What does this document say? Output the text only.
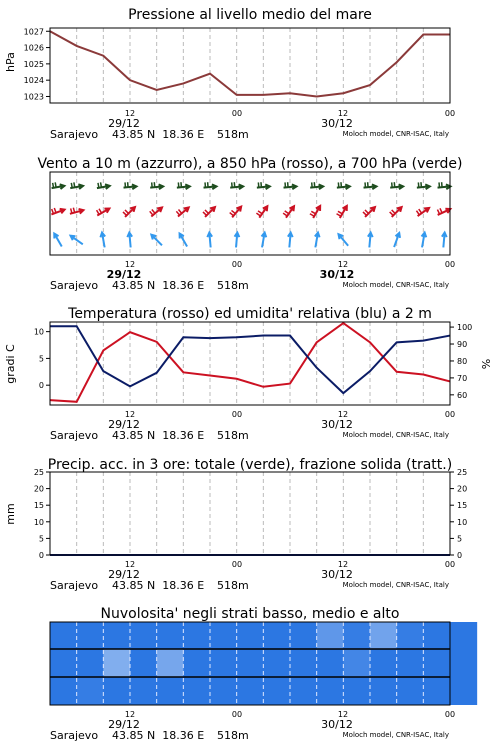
Pressione al livello medio del mare
hPa
1023
1024
1025
1026
1027
12	00	12	00
29/12	30/12
Sarajevo 43.85 N  18.36 E 518m	Moloch model, CNR-ISAC, Italy
Vento a 10 m (azzurro), a 850 hPa (rosso), a 700 hPa (verde)
12	00	12	00
29/12	30/12
Sarajevo 43.85 N  18.36 E 518m	Moloch model, CNR-ISAC, Italy
Temperatura (rosso) ed umidita' relativa (blu) a 2 m
gradi C	%
0
5
10
60
70
80
90
100
12	00	12	00
29/12	30/12
Sarajevo 43.85 N  18.36 E 518m	Moloch model, CNR-ISAC, Italy
Precip. acc. in 3 ore: totale (verde), frazione solida (tratt.)
mm
0
5
10
15
20
25
0
5
10
15
20
25
12	00	12	00
29/12	30/12
Sarajevo 43.85 N  18.36 E 518m	Moloch model, CNR-ISAC, Italy
Nuvolosita' negli strati basso, medio e alto
12	00	12	00
29/12	30/12
Sarajevo 43.85 N  18.36 E 518m	Moloch model, CNR-ISAC, Italy
